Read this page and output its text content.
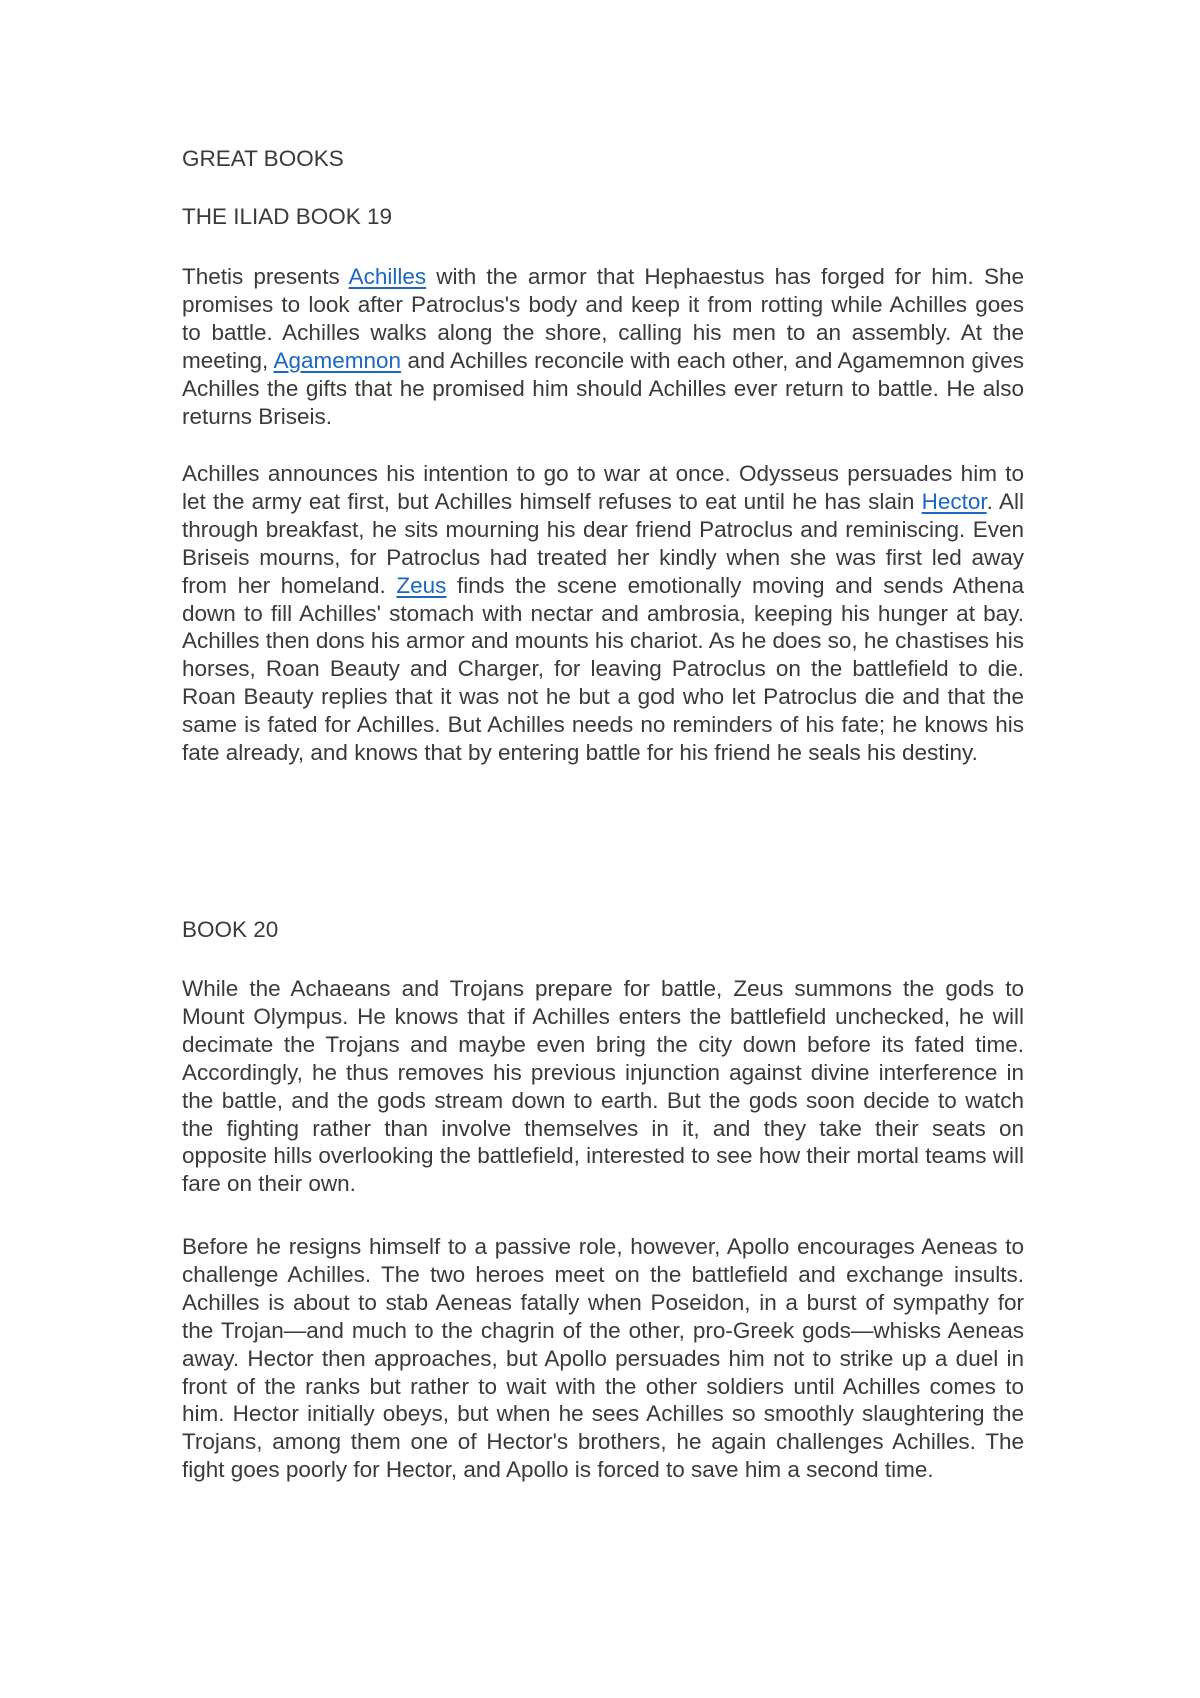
GREAT BOOKS
THE ILIAD BOOK 19

Thetis presents Achilles with the armor that Hephaestus has forged for him. She promises to look after Patroclus's body and keep it from rotting while Achilles goes to battle. Achilles walks along the shore, calling his men to an assembly. At the meeting, Agamemnon and Achilles reconcile with each other, and Agamemnon gives Achilles the gifts that he promised him should Achilles ever return to battle. He also returns Briseis.

Achilles announces his intention to go to war at once. Odysseus persuades him to let the army eat first, but Achilles himself refuses to eat until he has slain Hector. All through breakfast, he sits mourning his dear friend Patroclus and reminiscing. Even Briseis mourns, for Patroclus had treated her kindly when she was first led away from her homeland. Zeus finds the scene emotionally moving and sends Athena down to fill Achilles' stomach with nectar and ambrosia, keeping his hunger at bay. Achilles then dons his armor and mounts his chariot. As he does so, he chastises his horses, Roan Beauty and Charger, for leaving Patroclus on the battlefield to die. Roan Beauty replies that it was not he but a god who let Patroclus die and that the same is fated for Achilles. But Achilles needs no reminders of his fate; he knows his fate already, and knows that by entering battle for his friend he seals his destiny.

BOOK 20

While the Achaeans and Trojans prepare for battle, Zeus summons the gods to Mount Olympus. He knows that if Achilles enters the battlefield unchecked, he will decimate the Trojans and maybe even bring the city down before its fated time. Accordingly, he thus removes his previous injunction against divine interference in the battle, and the gods stream down to earth. But the gods soon decide to watch the fighting rather than involve themselves in it, and they take their seats on opposite hills overlooking the battlefield, interested to see how their mortal teams will fare on their own.

Before he resigns himself to a passive role, however, Apollo encourages Aeneas to challenge Achilles. The two heroes meet on the battlefield and exchange insults. Achilles is about to stab Aeneas fatally when Poseidon, in a burst of sympathy for the Trojan—and much to the chagrin of the other, pro-Greek gods—whisks Aeneas away. Hector then approaches, but Apollo persuades him not to strike up a duel in front of the ranks but rather to wait with the other soldiers until Achilles comes to him. Hector initially obeys, but when he sees Achilles so smoothly slaughtering the Trojans, among them one of Hector's brothers, he again challenges Achilles. The fight goes poorly for Hector, and Apollo is forced to save him a second time.
